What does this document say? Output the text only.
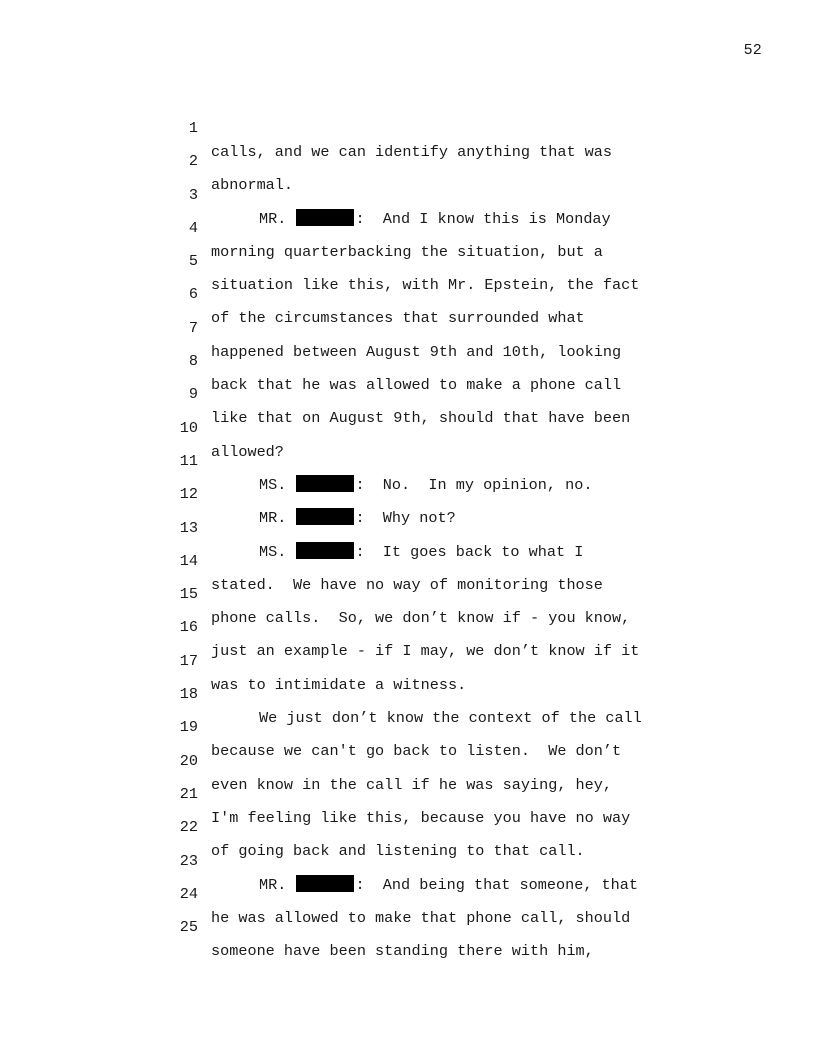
52

1

calls, and we can identify anything that was

2

abnormal.

3

MR.	:  And I know this is Monday

4

morning quarterbacking the situation, but a

5

situation like this, with Mr. Epstein, the fact

6

of the circumstances that surrounded what

7

happened between August 9th and 10th, looking

8

back that he was allowed to make a phone call

9

like that on August 9th, should that have been

10

allowed?

11

MS.	:  No.  In my opinion, no.

12

MR.	:  Why not?

13

MS.	:  It goes back to what I

14

stated.  We have no way of monitoring those

15

phone calls.  So, we don’t know if - you know,

16

just an example - if I may, we don’t know if it

17

was to intimidate a witness.

18

We just don’t know the context of the call

19

because we can't go back to listen.  We don’t

20

even know in the call if he was saying, hey,

21

I'm feeling like this, because you have no way

22

of going back and listening to that call.

23

MR.	:  And being that someone, that

24

he was allowed to make that phone call, should

25

someone have been standing there with him,
